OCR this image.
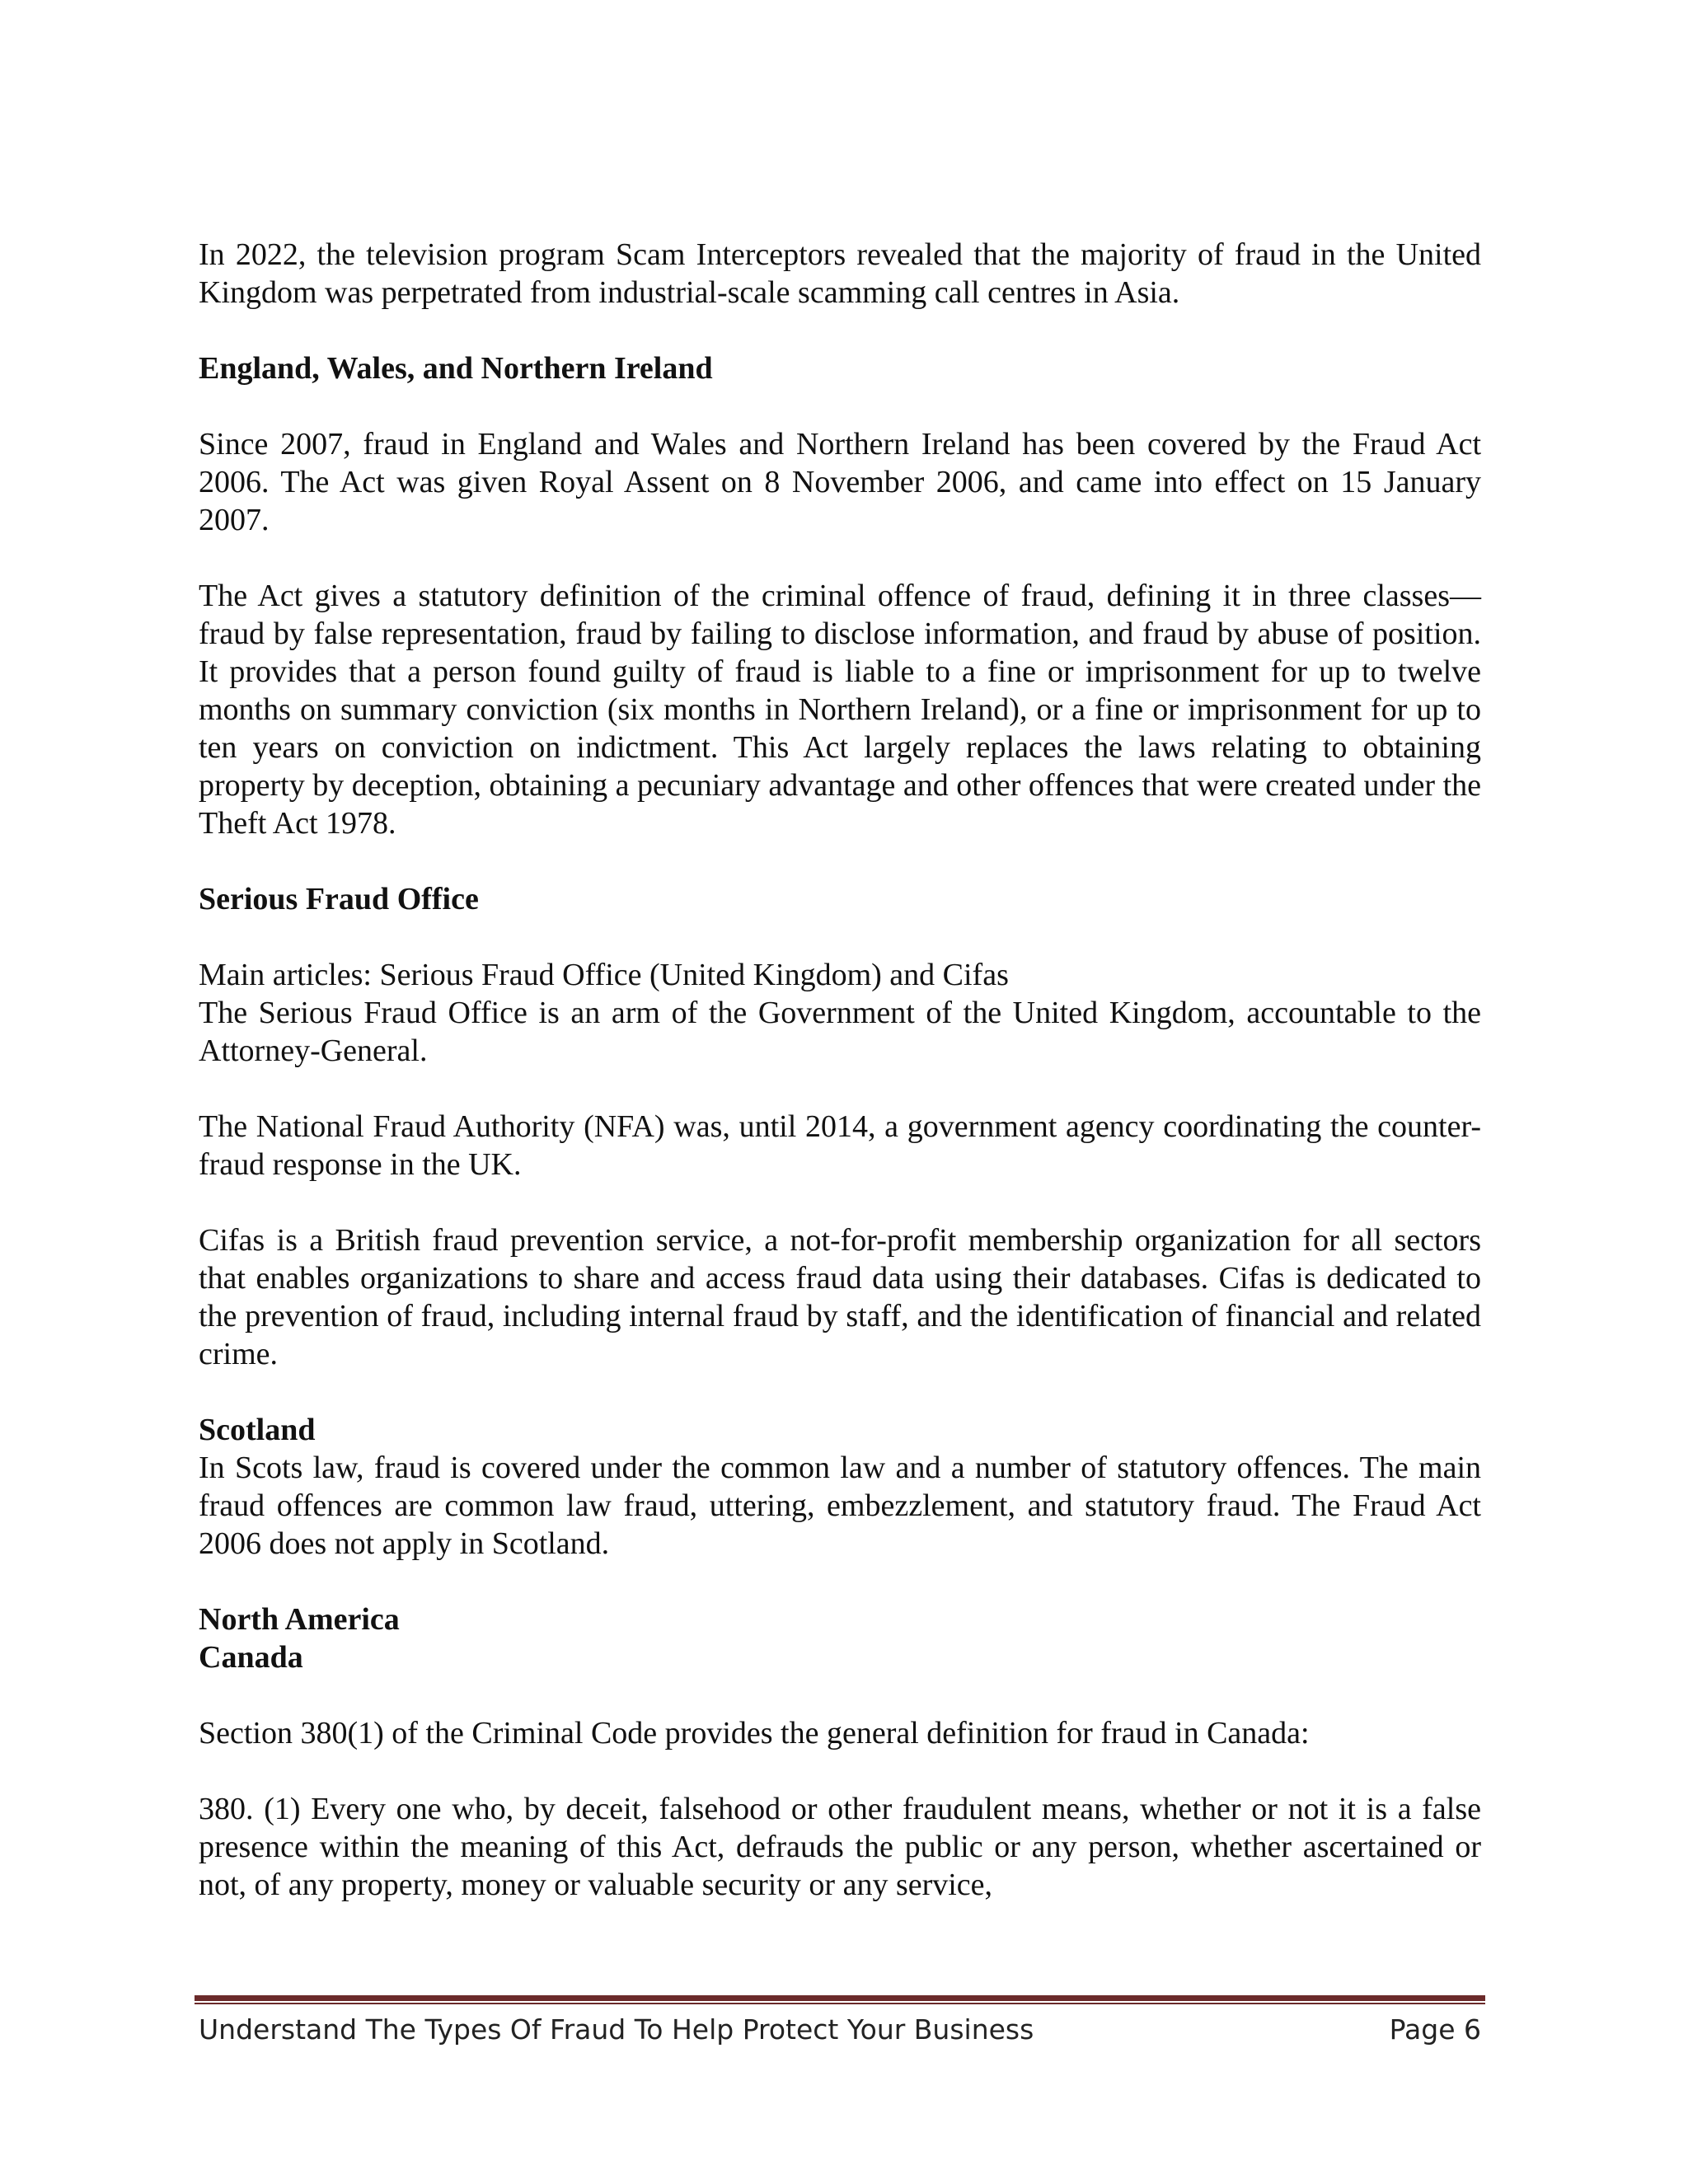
In 2022, the television program Scam Interceptors revealed that the majority of fraud in the United Kingdom was perpetrated from industrial-scale scamming call centres in Asia.

England, Wales, and Northern Ireland

Since 2007, fraud in England and Wales and Northern Ireland has been covered by the Fraud Act 2006. The Act was given Royal Assent on 8 November 2006, and came into effect on 15 January 2007.

The Act gives a statutory definition of the criminal offence of fraud, defining it in three classes—fraud by false representation, fraud by failing to disclose information, and fraud by abuse of position. It provides that a person found guilty of fraud is liable to a fine or imprisonment for up to twelve months on summary conviction (six months in Northern Ireland), or a fine or imprisonment for up to ten years on conviction on indictment. This Act largely replaces the laws relating to obtaining property by deception, obtaining a pecuniary advantage and other offences that were created under the Theft Act 1978.

Serious Fraud Office

Main articles: Serious Fraud Office (United Kingdom) and Cifas

The Serious Fraud Office is an arm of the Government of the United Kingdom, accountable to the Attorney-General.

The National Fraud Authority (NFA) was, until 2014, a government agency coordinating the counter-fraud response in the UK.

Cifas is a British fraud prevention service, a not-for-profit membership organization for all sectors that enables organizations to share and access fraud data using their databases. Cifas is dedicated to the prevention of fraud, including internal fraud by staff, and the identification of financial and related crime.

Scotland

In Scots law, fraud is covered under the common law and a number of statutory offences. The main fraud offences are common law fraud, uttering, embezzlement, and statutory fraud. The Fraud Act 2006 does not apply in Scotland.

North America
Canada

Section 380(1) of the Criminal Code provides the general definition for fraud in Canada:

380. (1) Every one who, by deceit, falsehood or other fraudulent means, whether or not it is a false presence within the meaning of this Act, defrauds the public or any person, whether ascertained or not, of any property, money or valuable security or any service,

Understand The Types Of Fraud To Help Protect Your Business	Page 6
